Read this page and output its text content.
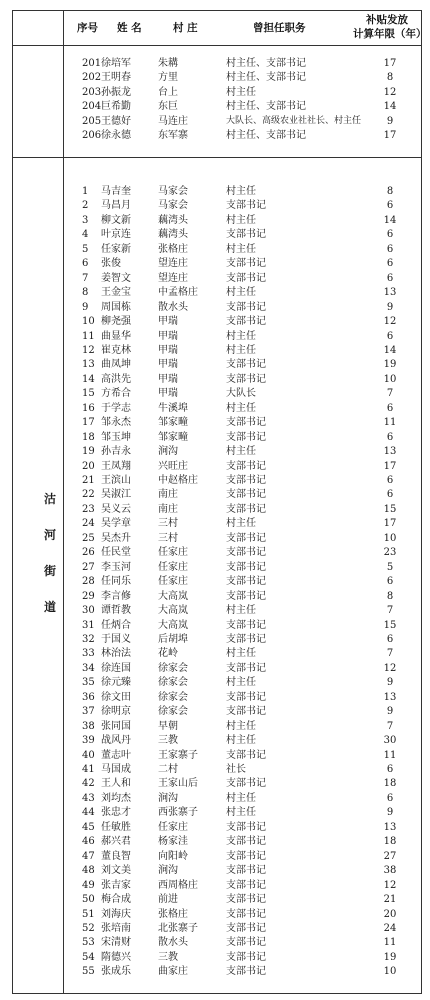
序号 姓 名	村 庄	曾担任职务
补贴发放
计算年限（年）
201 徐培军	朱耩	村主任、支部书记	17
202 王明春	方里	村主任、支部书记	8
203 孙振龙	台上	村主任	12
204 巨希勤	东巨	村主任、支部书记	14
205 王德好	马连庄	大队长、高级农业社社长、村主任	9
206 徐永德	东军寨	村主任、支部书记	17
沽
河
街
道
1 马吉奎	马家会	村主任	8
2 马昌月	马家会	支部书记	6
3 柳文新	藕湾头	村主任	14
4 叶京连	藕湾头	支部书记	6
5 任家新	张格庄	村主任	6
6 张俊	望连庄	支部书记	6
7 姜智文	望连庄	支部书记	6
8 王金宝	中孟格庄	村主任	13
9 周国栋	散水头	支部书记	9
10 柳尧强	甲瑞	支部书记	12
11 曲显华	甲瑞	村主任	6
12 崔克林	甲瑞	村主任	14
13 曲凤坤	甲瑞	支部书记	19
14 高洪先	甲瑞	支部书记	10
15 方希合	甲瑞	大队长	7
16 于学志	牛溪埠	村主任	6
17 邹永杰	邹家疃	支部书记	11
18 邹玉坤	邹家疃	支部书记	6
19 孙吉永	涧沟	村主任	13
20 王凤翔	兴旺庄	支部书记	17
21 王滨山	中赵格庄	支部书记	6
22 吴淑江	南庄	支部书记	6
23 吴义云	南庄	支部书记	15
24 吴学章	三村	村主任	17
25 吴杰升	三村	支部书记	10
26 任民堂	任家庄	支部书记	23
27 李玉河	任家庄	支部书记	5
28 任同乐	任家庄	支部书记	6
29 李言修	大高岚	支部书记	8
30 谭哲教	大高岚	村主任	7
31 任炳合	大高岚	支部书记	15
32 于国义	后胡埠	支部书记	6
33 林治法	花岭	村主任	7
34 徐连国	徐家会	支部书记	12
35 徐元臻	徐家会	村主任	9
36 徐文田	徐家会	支部书记	13
37 徐明京	徐家会	支部书记	9
38 张同国	早朝	村主任	7
39 战风丹	三教	村主任	30
40 董志叶	王家寨子	支部书记	11
41 马国成	二村	社长	6
42 王人和	王家山后	支部书记	18
43 刘均杰	涧沟	村主任	6
44 张忠才	西张寨子	村主任	9
45 任敏胜	任家庄	支部书记	13
46 郝兴君	杨家洼	支部书记	18
47 董良智	向阳岭	支部书记	27
48 刘文美	涧沟	支部书记	38
49 张吉家	西周格庄	支部书记	12
50 梅合成	前进	支部书记	21
51 刘海庆	张格庄	支部书记	20
52 张培南	北张寨子	支部书记	24
53 宋清财	散水头	支部书记	11
54 隋德兴	三教	支部书记	19
55 张成乐	曲家庄	支部书记	10
